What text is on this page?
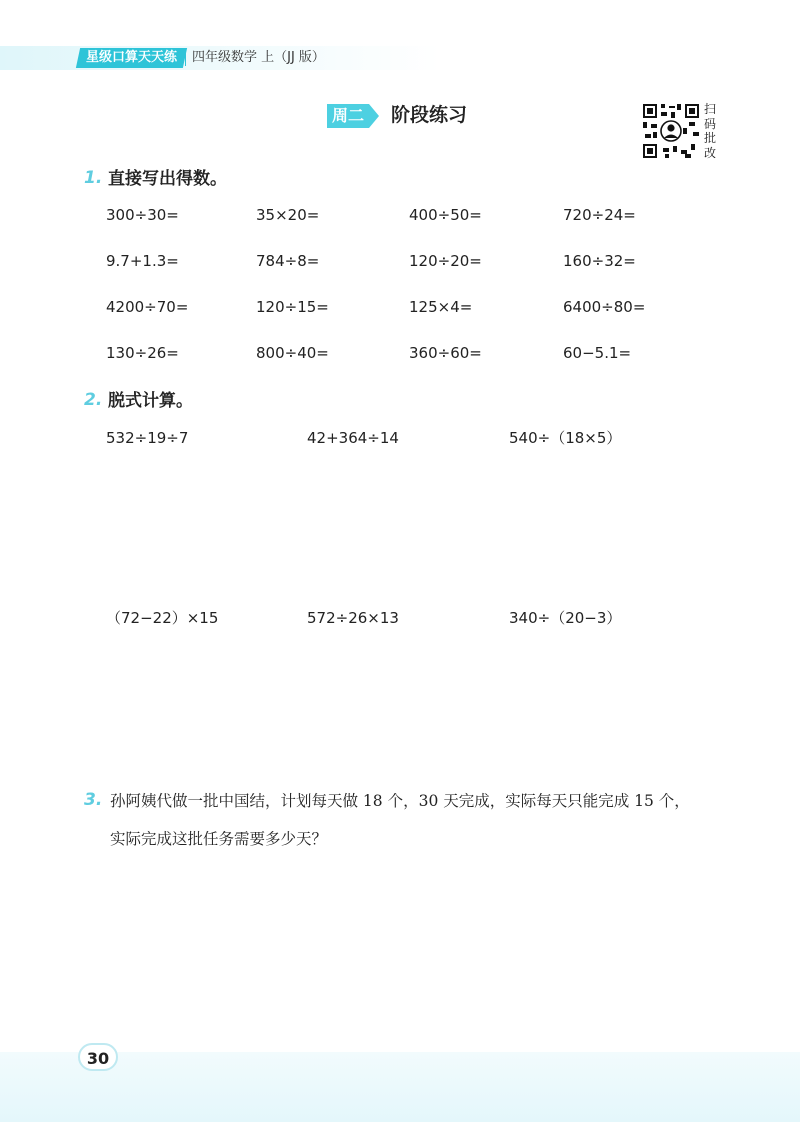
星级口算天天练	四年级数学 上（JJ 版）
周二 阶段练习	扫码批改
1. 直接写出得数。
300÷30=	35×20=	400÷50=	720÷24=
9.7+1.3=	784÷8=	120÷20=	160÷32=
4200÷70=	120÷15=	125×4=	6400÷80=
130÷26=	800÷40=	360÷60=	60−5.1=
2. 脱式计算。
532÷19÷7	42+364÷14	540÷（18×5）
（72−22）×15	572÷26×13	340÷（20−3）
3. 孙阿姨代做一批中国结，计划每天做 18 个，30 天完成，实际每天只能完成 15 个，
实际完成这批任务需要多少天？
30
